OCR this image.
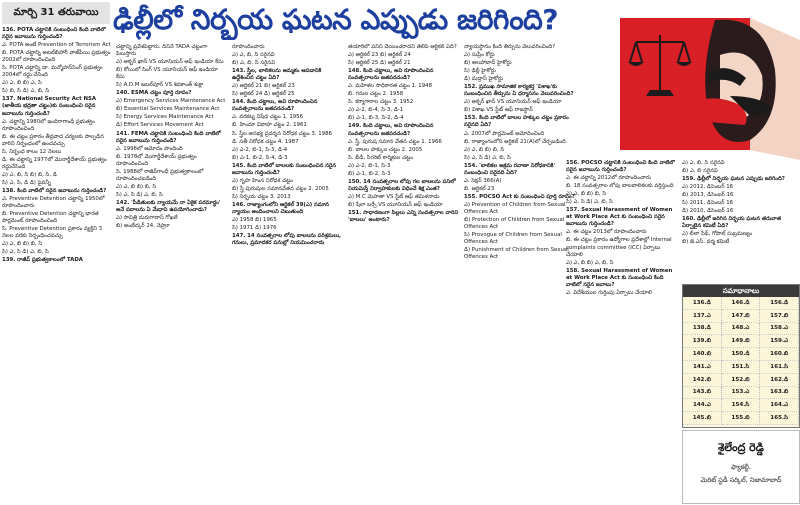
మార్చి 31 తరువాయి ఢిల్లీలో నిర్భయ ఘటన ఎప్పుడు జరిగింది?

136. POTA చట్టానికి సంబంధించి కింది వాటిలో సరైన జవాబును గుర్తించండి?

ఎ. POTA అంటే Prevention of Terrorism Act

బి. POTA చట్టాన్ని అటల్‌బిహారీ వాజ్‌పేయి ప్రభుత్వం 2002లో రూపొందించింది

సి. POTA చట్టాన్ని డా. మన్మోహన్‌సింగ్ ప్రభుత్వం 2004లో రద్దు చేసింది

ఎ) ఎ, బి బి) ఎ, సి

సి) బి, సి డి) ఎ, బి, సి

137. National Security Act NSA (జాతీయ భద్రతా చట్టం)కు సంబంధించి సరైన జవాబును గుర్తించండి?

ఎ. చట్టాన్ని 1980లో ఇందిరాగాంధీ ప్రభుత్వం రూపొందించింది

బి. ఈ చట్టం ప్రకారం తీవ్రవాద చర్యలకు పాల్పడిన వారిని నిర్బంధంలో ఉంచవచ్చు

సి. నిర్బంధ కాలం 12 నెలలు

డి. ఈ చట్టాన్ని 1977లో మొరార్జీదేశాయ్ ప్రభుత్వం రద్దుచేసింది

ఎ) ఎ, బి, సి బి) బి, సి, డి

సి) ఎ, సి, డి డి) పైవన్నీ

138. కింది వాటిలో సరైన జవాబును గుర్తించండి?

ఎ. Preventive Detention చట్టాన్ని 1950లో రూపొందించారు

బి. Preventive Detention చట్టాన్ని భారత పార్లమెంట్ రూపొందించింది

సి. Preventive Detention ప్రకారం వ్యక్తిని 3 నెలల వరకు నిర్బంధించవచ్చు

ఎ) ఎ, బి బి) బి, సి

సి) ఎ, సి డి) ఎ, బి, సి

139. రాజీవ్‌ ప్రభుత్వకాలంలో TADA

చట్టాన్ని ప్రవేశపెట్టారు. దీనినే TADA చట్టంగా పిలుస్తారు

ఎ) అక్బర్ ఖాన్ VS యూనియన్ ఆఫ్ ఇండియా కేసు

బి) కోయిలో సింగ్ VS యూనియన్ ఆఫ్ ఇండియా కేసు

సి) A.D.M జబల్‌పూర్ VS శివకాంత్ శుక్లా

140. ESMA చట్టం పూర్తి రూపం?

ఎ) Emergency Services Maintenance Act

బి) Essential Services Maintenance Act

సి) Energy Services Maintenance Act

డి) Effort Services Movement Act

141. FEMA చట్టానికి సంబంధించి కింది వాటిలో సరైన జవాబును గుర్తించండి?

ఎ. 1998లో ఆమోదం పొందింది

బి. 1978లో మొరార్జీదేశాయ్ ప్రభుత్వం రూపొందించింది

సి. 1988లో రాజీవ్‌గాంధీ ప్రభుత్వకాలంలో రూపొందించబడింది

ఎ) ఎ, బి బి) బి, సి

సి) ఎ, సి డి) ఎ, బి, సి

142. 'పీడితులకు న్యాయమే నా ఏకైక పరమార్థం' అనే పదాలను ఏ మేధావి ఉపయోగించాడు?

ఎ) సావిత్రి దురుగాదాస్ గోఖలే

బి) అంబేద్కర్ 24, నెహ్రూ

రూపొందించారు

ఎ) ఎ, బి, సి సరైనవి

బి) ఎ, బి, సి సరైనవి

143. స్త్రీల, బాలికలను అమ్మకం ఆపడానికి ఉద్దేశించిన చట్టం ఏది?

ఎ) ఆర్టికల్ 21 బి) ఆర్టికల్ 23

సి) ఆర్టికల్ 24 డి) ఆర్టికల్ 25

144. కింది చట్టాలు, అవి రూపొందించిన సంవత్సరాలను జతపరచండి?

ఎ. వరకట్న నిషేధ చట్టం 1. 1956

బి. హిందూ వివాహ చట్టం 2. 1961

సి. స్త్రీల అసభ్య ప్రదర్శన నిరోధక చట్టం 3. 1986

డి. సతీ నిరోధక చట్టం 4. 1987

ఎ) ఎ-2, బి-1, సి-3, డి-4

బి) ఎ-1, బి-2, సి-4, డి-3

145. కింది వాటిలో బాలలకు సంబంధించిన సరైన జవాబును గుర్తించండి?

ఎ) గృహ హింస నిరోధక చట్టం

బి) స్త్రీ పురుషుల సమానవేతన చట్టం 2. 2005

సి) నిర్భయ చట్టం 3. 2013

146. రాజ్యాంగంలోని ఆర్టికల్ 39(ఎ) సమాన న్యాయం అందించాలని చెబుతుంది

ఎ) 1958 బి) 1965

సి) 1971 డి) 1976

147. 14 సంవత్సరాల లోపు బాలలను పరిశ్రమలు, గనులు, ప్రమాదకర పనుల్లో నియమించరాదు

తయారీలో పనిని చేయించరాదని తెలిపే ఆర్టికల్ ఏది?

ఎ) ఆర్టికల్ 23 బి) ఆర్టికల్ 24

సి) ఆర్టికల్ 25 డి) ఆర్టికల్ 21

148. కింది చట్టాలు, అవి రూపొందించిన సంవత్సరాలను జతపరచండి?

ఎ. మహిళల సాధికారత చట్టం 1. 1948

బి. గనుల చట్టం 2. 1958

సి. కర్మాగారాల చట్టం 3. 1952

ఎ) ఎ-2, బి-4, సి-3, డి-1

బి) ఎ-1, బి-3, సి-2, డి-4

149. కింది చట్టాలు, అవి రూపొందించిన సంవత్సరాలను జతపరచండి?

ఎ. స్త్రీ, పురుష సమాన వేతన చట్టం 1. 1966

బి. బాలల హక్కుల చట్టం 2. 2005

సి. బీడీ, సిగరెట్ కార్మికుల చట్టం

ఎ) ఎ-2, బి-1, సి-3

బి) ఎ-1, బి-2, సి-3

150. 14 సంవత్సరాల లోపు గల బాలలను పనిలో నియమిస్తే నిర్వాహకులకు విధించే శిక్ష ఎంత?

ఎ) M.C మెహతా VS స్టేట్ ఆఫ్ తమిళనాడు

బి) షీలా బర్సే VS యూనియన్ ఆఫ్ ఇండియా

151. సాధారణంగా పిల్లలు ఎన్ని సంవత్సరాల వారిని 'బాలలు' అంటారు?

న్యాయస్థానం కింది తీర్పును వెలువరించింది?

ఎ) సుప్రీం కోర్టు

బి) అలహాబాద్ హైకోర్టు

సి) ఢిల్లీ హైకోర్టు

డి) మద్రాస్ హైకోర్టు

152. ప్రముఖ సామాజిక కార్యకర్త 'విశాఖ'కు సంబంధించిన తీర్పును ఏ ధర్మాసనం వెలువరించింది?

ఎ) అక్బర్ ఖాన్ VS యూనియన్ ఆఫ్ ఇండియా

బి) విశాఖ VS స్టేట్ ఆఫ్ రాజస్థాన్

153. కింది వాటిలో బాలల హక్కుల చట్టం ప్రకారం సరైనది ఏది?

ఎ. 2007లో పార్లమెంట్ ఆమోదించింది

బి. రాజ్యాంగంలోని ఆర్టికల్ 21(A)లో చేర్చబడింది

ఎ) ఎ, బి బి) బి, సి

సి) ఎ, సి డి) ఎ, బి, సి

154. 'బాలికల అక్రమ రవాణా నిరోధకానికి' సంబంధించి సరైనది ఏది?

ఎ. సెక్షన్ 366(A)

బి. ఆర్టికల్ 23

155. POCSO Act కు సంబంధించి పూర్తి రూపం?

ఎ) Prevention of Children from Sexual Offences Act

బి) Protection of Children from Sexual Offences Act

సి) Provogue of Children from Sexual Offences Act

డి) Punishment of Children from Sexual Offences Act

156. POCSO చట్టానికి సంబంధించి కింది వాటిలో సరైన జవాబును గుర్తించండి?

ఎ. ఈ చట్టాన్ని 2012లో రూపొందించారు

బి. 18 సంవత్సరాల లోపు బాలబాలికలకు వర్తిస్తుంది

ఎ) ఎ, బి బి) బి, సి

సి) ఎ, సి డి) ఎ, బి, సి

157. Sexual Harassment of Women at Work Place Act కు సంబంధించి సరైన జవాబును గుర్తించండి?

ఎ. ఈ చట్టం 2013లో రూపొందించారు

బి. ఈ చట్టం ప్రకారం ఉద్యోగాల ప్రదేశాల్లో Internal complaints committee (ICC) ఏర్పాటు చేయాలి

ఎ) ఎ, బి బి) ఎ, బి, సి

158. Sexual Harassment of Women at Work Place Act కు సంబంధించి కింది వాటిలో సరైన జవాబు?

ఎ. విదేశీయుల గుర్తింపు ఏర్పాటు చేయాలి

ఎ) ఎ, బి, సి సరైనవి

బి) ఎ, బి సరైనవి

159. ఢిల్లీలో నిర్భయ ఘటన ఎప్పుడు జరిగింది?

ఎ) 2012, డిసెంబర్ 16

బి) 2013, డిసెంబర్ 16

సి) 2011, డిసెంబర్ 16

డి) 2010, డిసెంబర్ 16

160. ఢిల్లీలో జరిగిన నిర్భయ ఘటన తరువాత ఏర్పాటైన కమిటీ ఏది?

ఎ) లీలా సేథ్, గోపాల్ సుబ్రమణ్యం

బి) జె.ఎస్. వర్మ కమిటీ

సమాధానాలు
136.డి	146.డి	156.డి
137.ఎ	147.బి	157.బి
138.డి	148.ఎ	158.ఎ
139.బి	149.బి	159.ఎ
140.బి	150.డి	160.బి
141.ఎ	151.సి	161.సి
142.బి	152.బి	162.డి
143.బి	153.ఎ	163.బి
144.ఎ	154.సి	164.ఎ
145.బి	155.బి	165.సి
శైలేంద్ర రెడ్డి
ఫ్యాకల్టీ,
మెరిట్ స్టడీ సర్కిల్, నిజామాబాద్
